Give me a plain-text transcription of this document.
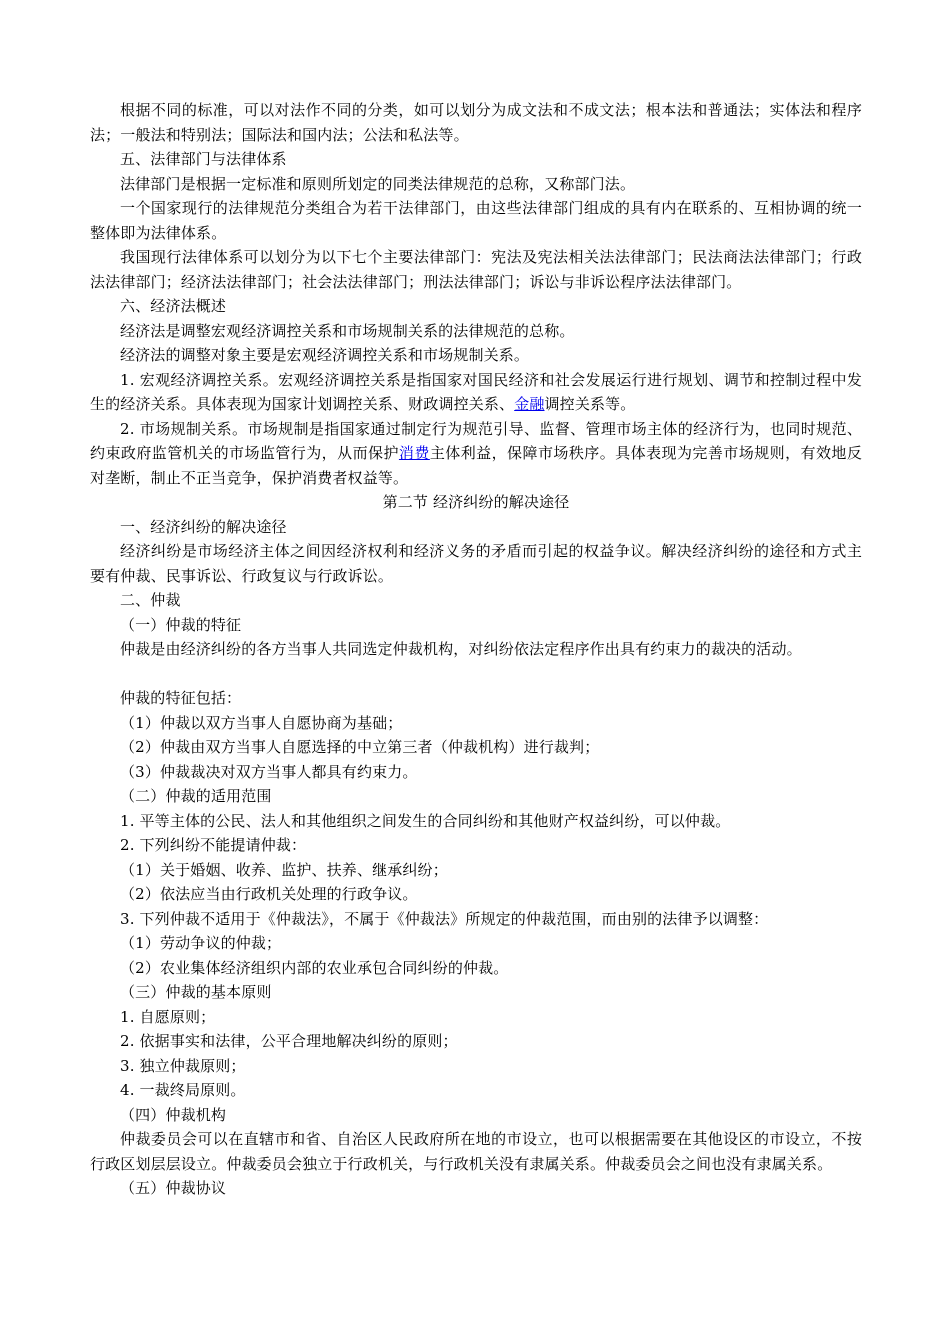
根据不同的标准，可以对法作不同的分类，如可以划分为成文法和不成文法；根本法和普通法；实体法和程序法；一般法和特别法；国际法和国内法；公法和私法等。

五、法律部门与法律体系

法律部门是根据一定标准和原则所划定的同类法律规范的总称，又称部门法。

一个国家现行的法律规范分类组合为若干法律部门，由这些法律部门组成的具有内在联系的、互相协调的统一整体即为法律体系。

我国现行法律体系可以划分为以下七个主要法律部门：宪法及宪法相关法法律部门；民法商法法律部门；行政法法律部门；经济法法律部门；社会法法律部门；刑法法律部门；诉讼与非诉讼程序法法律部门。

六、经济法概述

经济法是调整宏观经济调控关系和市场规制关系的法律规范的总称。

经济法的调整对象主要是宏观经济调控关系和市场规制关系。

1. 宏观经济调控关系。宏观经济调控关系是指国家对国民经济和社会发展运行进行规划、调节和控制过程中发生的经济关系。具体表现为国家计划调控关系、财政调控关系、金融调控关系等。

2. 市场规制关系。市场规制是指国家通过制定行为规范引导、监督、管理市场主体的经济行为，也同时规范、约束政府监管机关的市场监管行为，从而保护消费主体利益，保障市场秩序。具体表现为完善市场规则，有效地反对垄断，制止不正当竞争，保护消费者权益等。

第二节 经济纠纷的解决途径

一、经济纠纷的解决途径

经济纠纷是市场经济主体之间因经济权利和经济义务的矛盾而引起的权益争议。解决经济纠纷的途径和方式主要有仲裁、民事诉讼、行政复议与行政诉讼。

二、仲裁

（一）仲裁的特征

仲裁是由经济纠纷的各方当事人共同选定仲裁机构，对纠纷依法定程序作出具有约束力的裁决的活动。

仲裁的特征包括：

（1）仲裁以双方当事人自愿协商为基础；

（2）仲裁由双方当事人自愿选择的中立第三者（仲裁机构）进行裁判；

（3）仲裁裁决对双方当事人都具有约束力。

（二）仲裁的适用范围

1. 平等主体的公民、法人和其他组织之间发生的合同纠纷和其他财产权益纠纷，可以仲裁。

2. 下列纠纷不能提请仲裁：

（1）关于婚姻、收养、监护、扶养、继承纠纷；

（2）依法应当由行政机关处理的行政争议。

3. 下列仲裁不适用于《仲裁法》，不属于《仲裁法》所规定的仲裁范围，而由别的法律予以调整：

（1）劳动争议的仲裁；

（2）农业集体经济组织内部的农业承包合同纠纷的仲裁。

（三）仲裁的基本原则

1. 自愿原则；

2. 依据事实和法律，公平合理地解决纠纷的原则；

3. 独立仲裁原则；

4. 一裁终局原则。

（四）仲裁机构

仲裁委员会可以在直辖市和省、自治区人民政府所在地的市设立，也可以根据需要在其他设区的市设立，不按行政区划层层设立。仲裁委员会独立于行政机关，与行政机关没有隶属关系。仲裁委员会之间也没有隶属关系。

（五）仲裁协议
